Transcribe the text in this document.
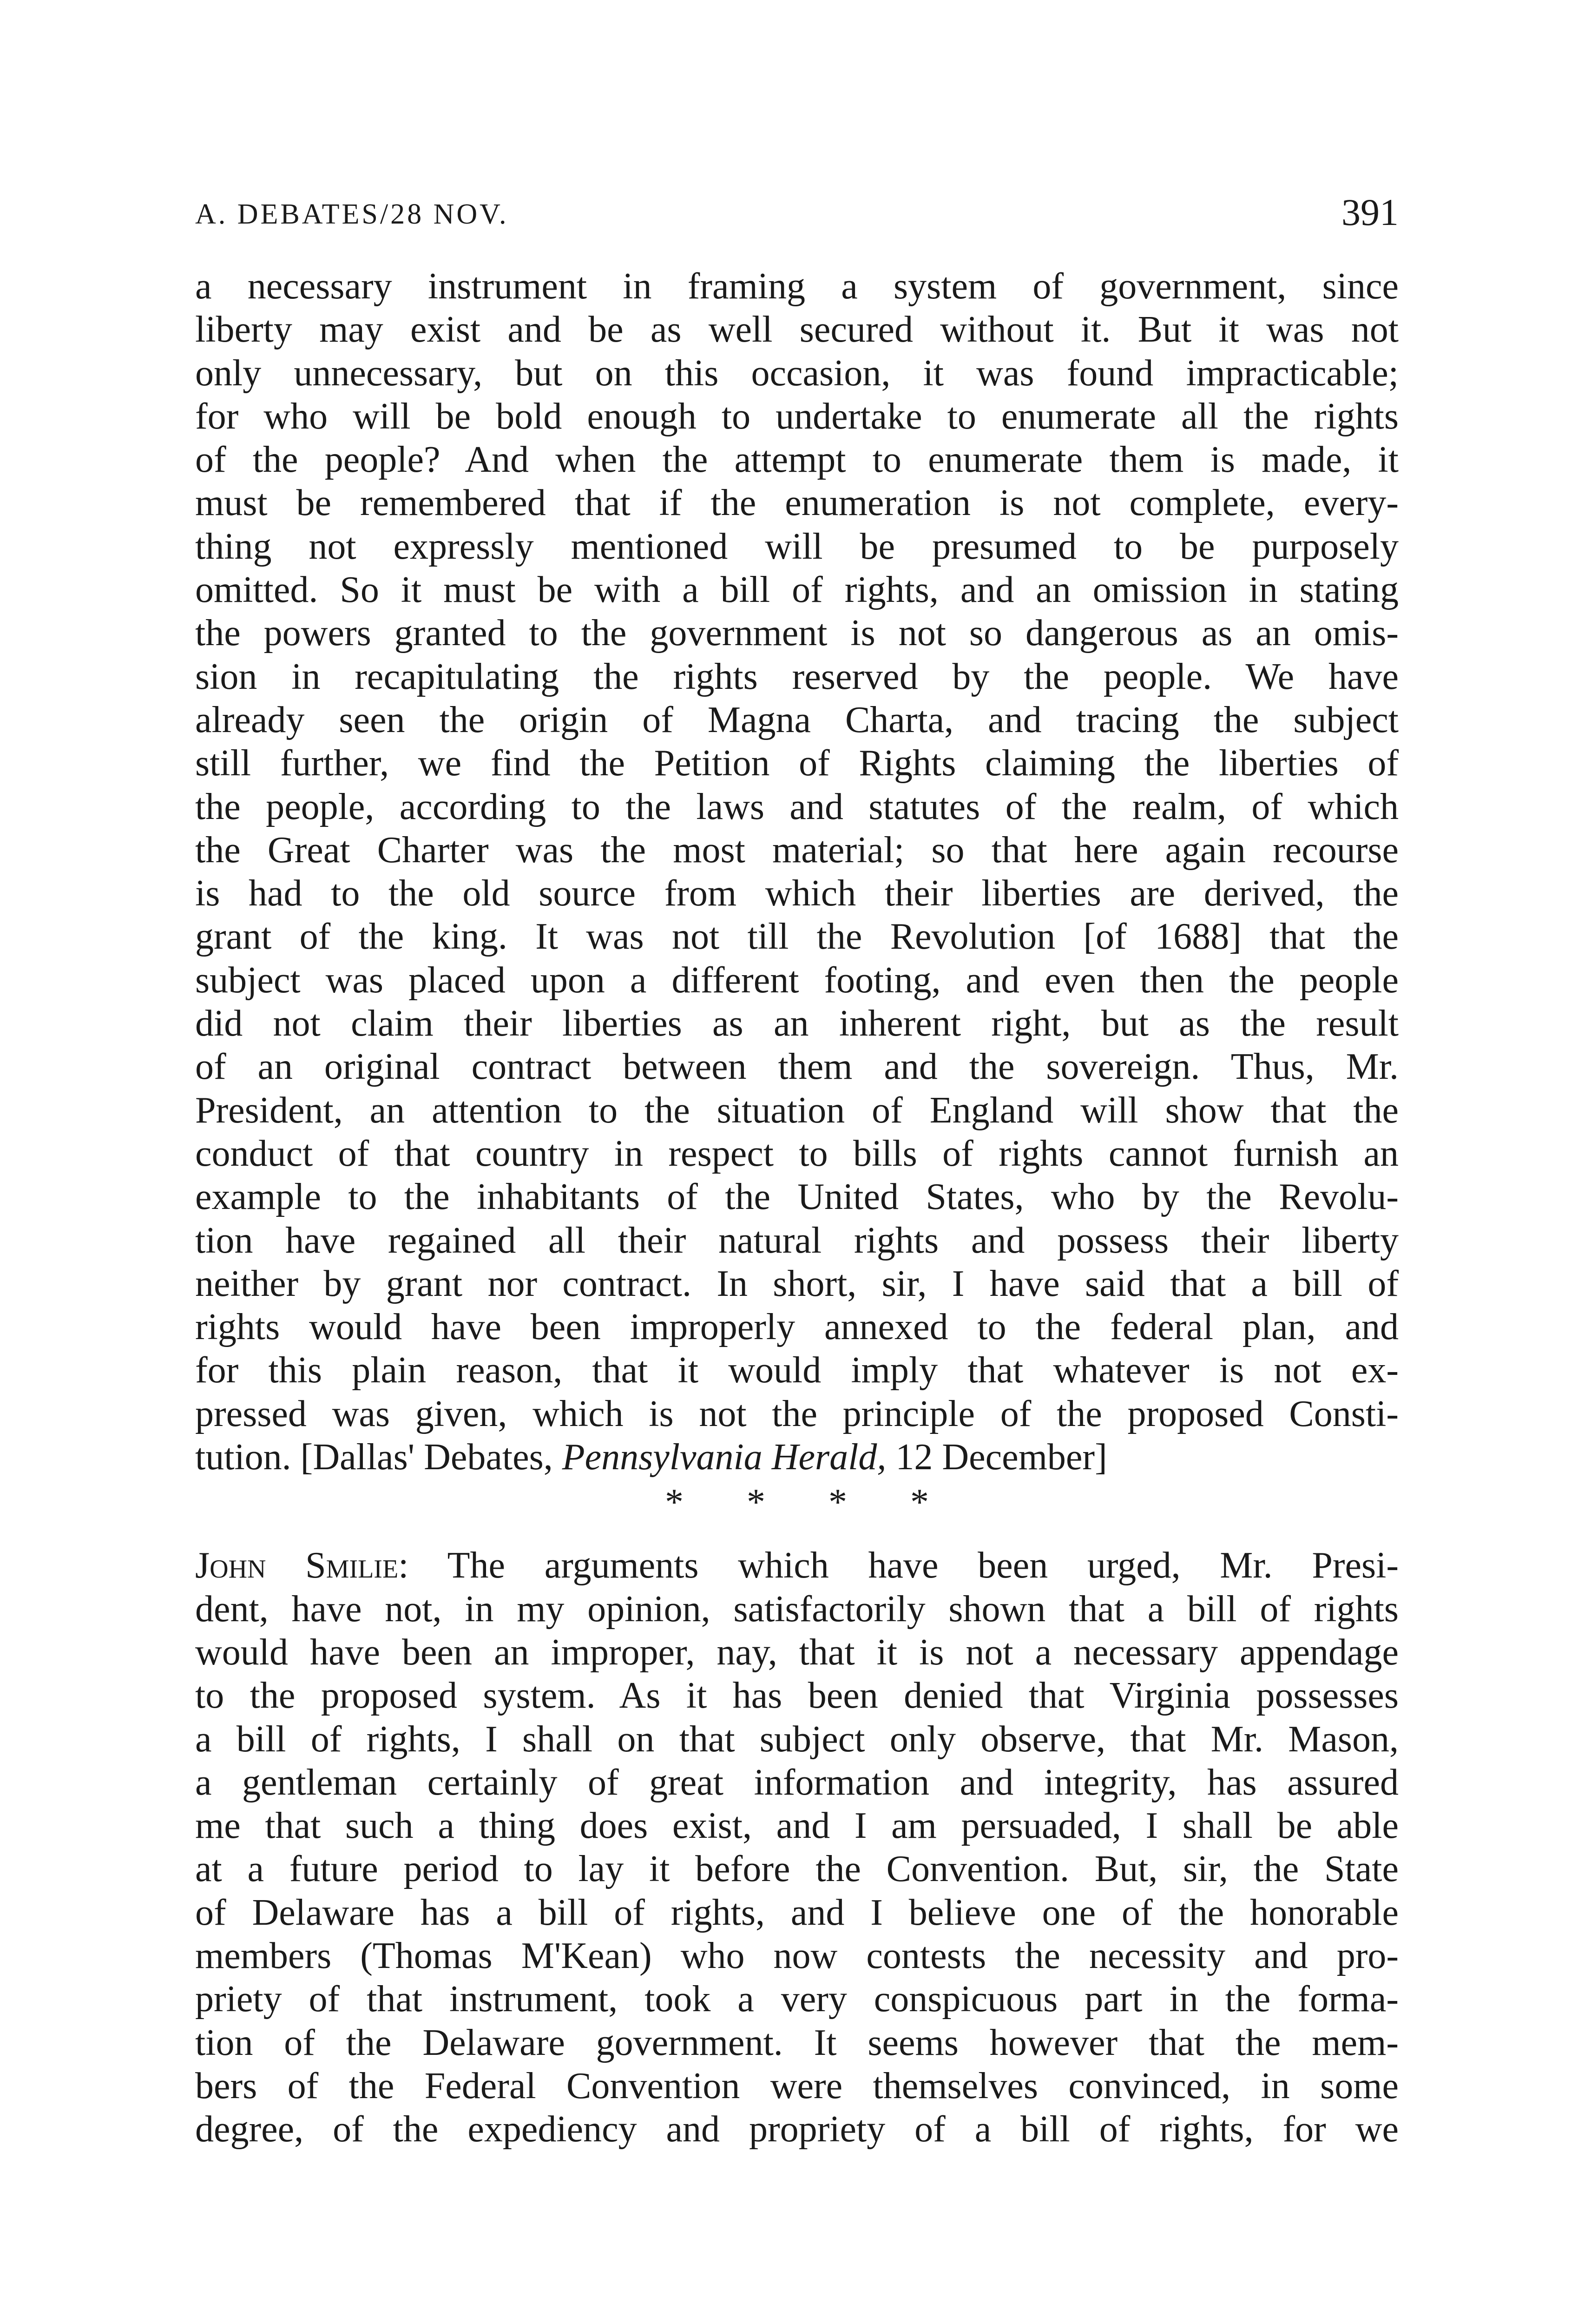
A. DEBATES/28 NOV.	391
a necessary instrument in framing a system of government, since
liberty may exist and be as well secured without it. But it was not
only unnecessary, but on this occasion, it was found impracticable;
for who will be bold enough to undertake to enumerate all the rights
of the people? And when the attempt to enumerate them is made, it
must be remembered that if the enumeration is not complete, every-
thing not expressly mentioned will be presumed to be purposely
omitted. So it must be with a bill of rights, and an omission in stating
the powers granted to the government is not so dangerous as an omis-
sion in recapitulating the rights reserved by the people. We have
already seen the origin of Magna Charta, and tracing the subject
still further, we find the Petition of Rights claiming the liberties of
the people, according to the laws and statutes of the realm, of which
the Great Charter was the most material; so that here again recourse
is had to the old source from which their liberties are derived, the
grant of the king. It was not till the Revolution [of 1688] that the
subject was placed upon a different footing, and even then the people
did not claim their liberties as an inherent right, but as the result
of an original contract between them and the sovereign. Thus, Mr.
President, an attention to the situation of England will show that the
conduct of that country in respect to bills of rights cannot furnish an
example to the inhabitants of the United States, who by the Revolu-
tion have regained all their natural rights and possess their liberty
neither by grant nor contract. In short, sir, I have said that a bill of
rights would have been improperly annexed to the federal plan, and
for this plain reason, that it would imply that whatever is not ex-
pressed was given, which is not the principle of the proposed Consti-
tution. [Dallas' Debates, Pennsylvania Herald, 12 December]
* * * *
John Smilie: The arguments which have been urged, Mr. Presi-
dent, have not, in my opinion, satisfactorily shown that a bill of rights
would have been an improper, nay, that it is not a necessary appendage
to the proposed system. As it has been denied that Virginia possesses
a bill of rights, I shall on that subject only observe, that Mr. Mason,
a gentleman certainly of great information and integrity, has assured
me that such a thing does exist, and I am persuaded, I shall be able
at a future period to lay it before the Convention. But, sir, the State
of Delaware has a bill of rights, and I believe one of the honorable
members (Thomas M'Kean) who now contests the necessity and pro-
priety of that instrument, took a very conspicuous part in the forma-
tion of the Delaware government. It seems however that the mem-
bers of the Federal Convention were themselves convinced, in some
degree, of the expediency and propriety of a bill of rights, for we
